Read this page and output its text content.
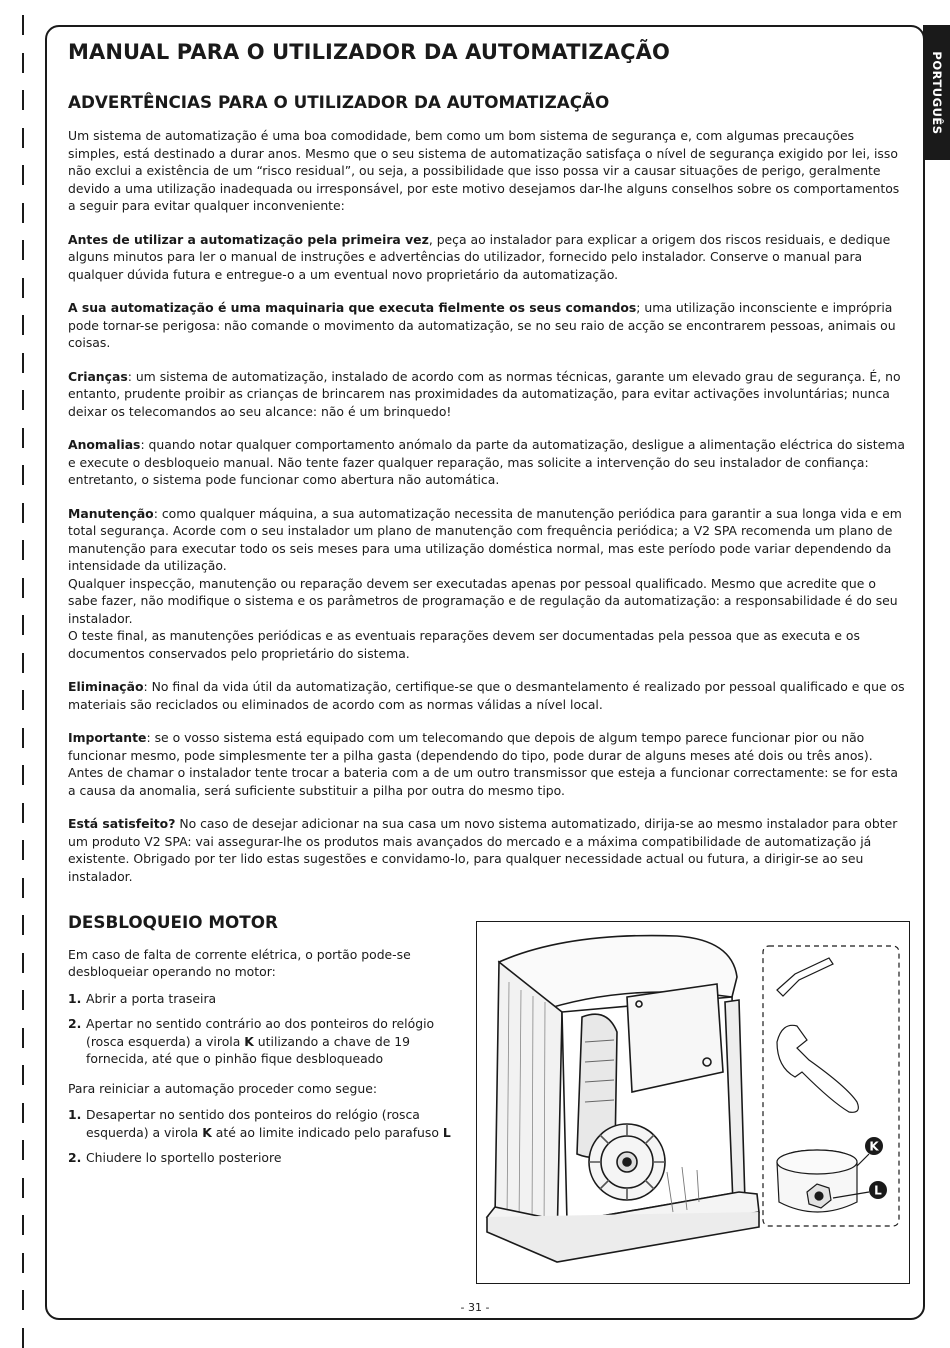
PORTUGUÊS
MANUAL PARA O UTILIZADOR DA AUTOMATIZAÇÃO
ADVERTÊNCIAS PARA O UTILIZADOR DA AUTOMATIZAÇÃO

Um sistema de automatização é uma boa comodidade, bem como um bom sistema de segurança e, com algumas precauções simples, está destinado a durar anos. Mesmo que o seu sistema de automatização satisfaça o nível de segurança exigido por lei, isso não exclui a existência de um “risco residual”, ou seja, a possibilidade que isso possa vir a causar situações de perigo, geralmente devido a uma utilização inadequada ou irresponsável, por este motivo desejamos dar-lhe alguns conselhos sobre os comportamentos a seguir para evitar qualquer inconveniente:

Antes de utilizar a automatização pela primeira vez, peça ao instalador para explicar a origem dos riscos residuais, e dedique alguns minutos para ler o manual de instruções e advertências do utilizador, fornecido pelo instalador. Conserve o manual para qualquer dúvida futura e entregue-o a um eventual novo proprietário da automatização.

A sua automatização é uma maquinaria que executa fielmente os seus comandos; uma utilização inconsciente e imprópria pode tornar-se perigosa: não comande o movimento da automatização, se no seu raio de acção se encontrarem pessoas, animais ou coisas.

Crianças: um sistema de automatização, instalado de acordo com as normas técnicas, garante um elevado grau de segurança. É, no entanto, prudente proibir as crianças de brincarem nas proximidades da automatização, para evitar activações involuntárias; nunca deixar os telecomandos ao seu alcance: não é um brinquedo!

Anomalias: quando notar qualquer comportamento anómalo da parte da automatização, desligue a alimentação eléctrica do sistema e execute o desbloqueio manual. Não tente fazer qualquer reparação, mas solicite a intervenção do seu instalador de confiança: entretanto, o sistema pode funcionar como abertura não automática.

Manutenção: como qualquer máquina, a sua automatização necessita de manutenção periódica para garantir a sua longa vida e em total segurança. Acorde com o seu instalador um plano de manutenção com frequência periódica; a V2 SPA recomenda um plano de manutenção para executar todo os seis meses para uma utilização doméstica normal, mas este período pode variar dependendo da intensidade da utilização.

Qualquer inspecção, manutenção ou reparação devem ser executadas apenas por pessoal qualificado. Mesmo que acredite que o sabe fazer, não modifique o sistema e os parâmetros de programação e de regulação da automatização: a responsabilidade é do seu instalador.

O teste final, as manutenções periódicas e as eventuais reparações devem ser documentadas pela pessoa que as executa e os documentos conservados pelo proprietário do sistema.

Eliminação: No final da vida útil da automatização, certifique-se que o desmantelamento é realizado por pessoal qualificado e que os materiais são reciclados ou eliminados de acordo com as normas válidas a nível local.

Importante: se o vosso sistema está equipado com um telecomando que depois de algum tempo parece funcionar pior ou não funcionar mesmo, pode simplesmente ter a pilha gasta (dependendo do tipo, pode durar de alguns meses até dois ou três anos).

Antes de chamar o instalador tente trocar a bateria com a de um outro transmissor que esteja a funcionar correctamente: se for esta a causa da anomalia, será suficiente substituir a pilha por outra do mesmo tipo.

Está satisfeito? No caso de desejar adicionar na sua casa um novo sistema automatizado, dirija-se ao mesmo instalador para obter um produto V2 SPA: vai assegurar-lhe os produtos mais avançados do mercado e a máxima compatibilidade de automatização já existente. Obrigado por ter lido estas sugestões e convidamo-lo, para qualquer necessidade actual ou futura, a dirigir-se ao seu instalador.

DESBLOQUEIO MOTOR

Em caso de falta de corrente elétrica, o portão pode-se desbloqueiar operando no motor:

1. Abrir a porta traseira
2. Apertar no sentido contrário ao dos ponteiros do relógio (rosca esquerda) a virola K utilizando a chave de 19 fornecida, até que o pinhão fique desbloqueado

Para reiniciar a automação proceder como segue:

1. Desapertar no sentido dos ponteiros do relógio (rosca esquerda) a virola K até ao limite indicado pelo parafuso L
2. Chiudere lo sportello posteriore
K
L
- 31 -
